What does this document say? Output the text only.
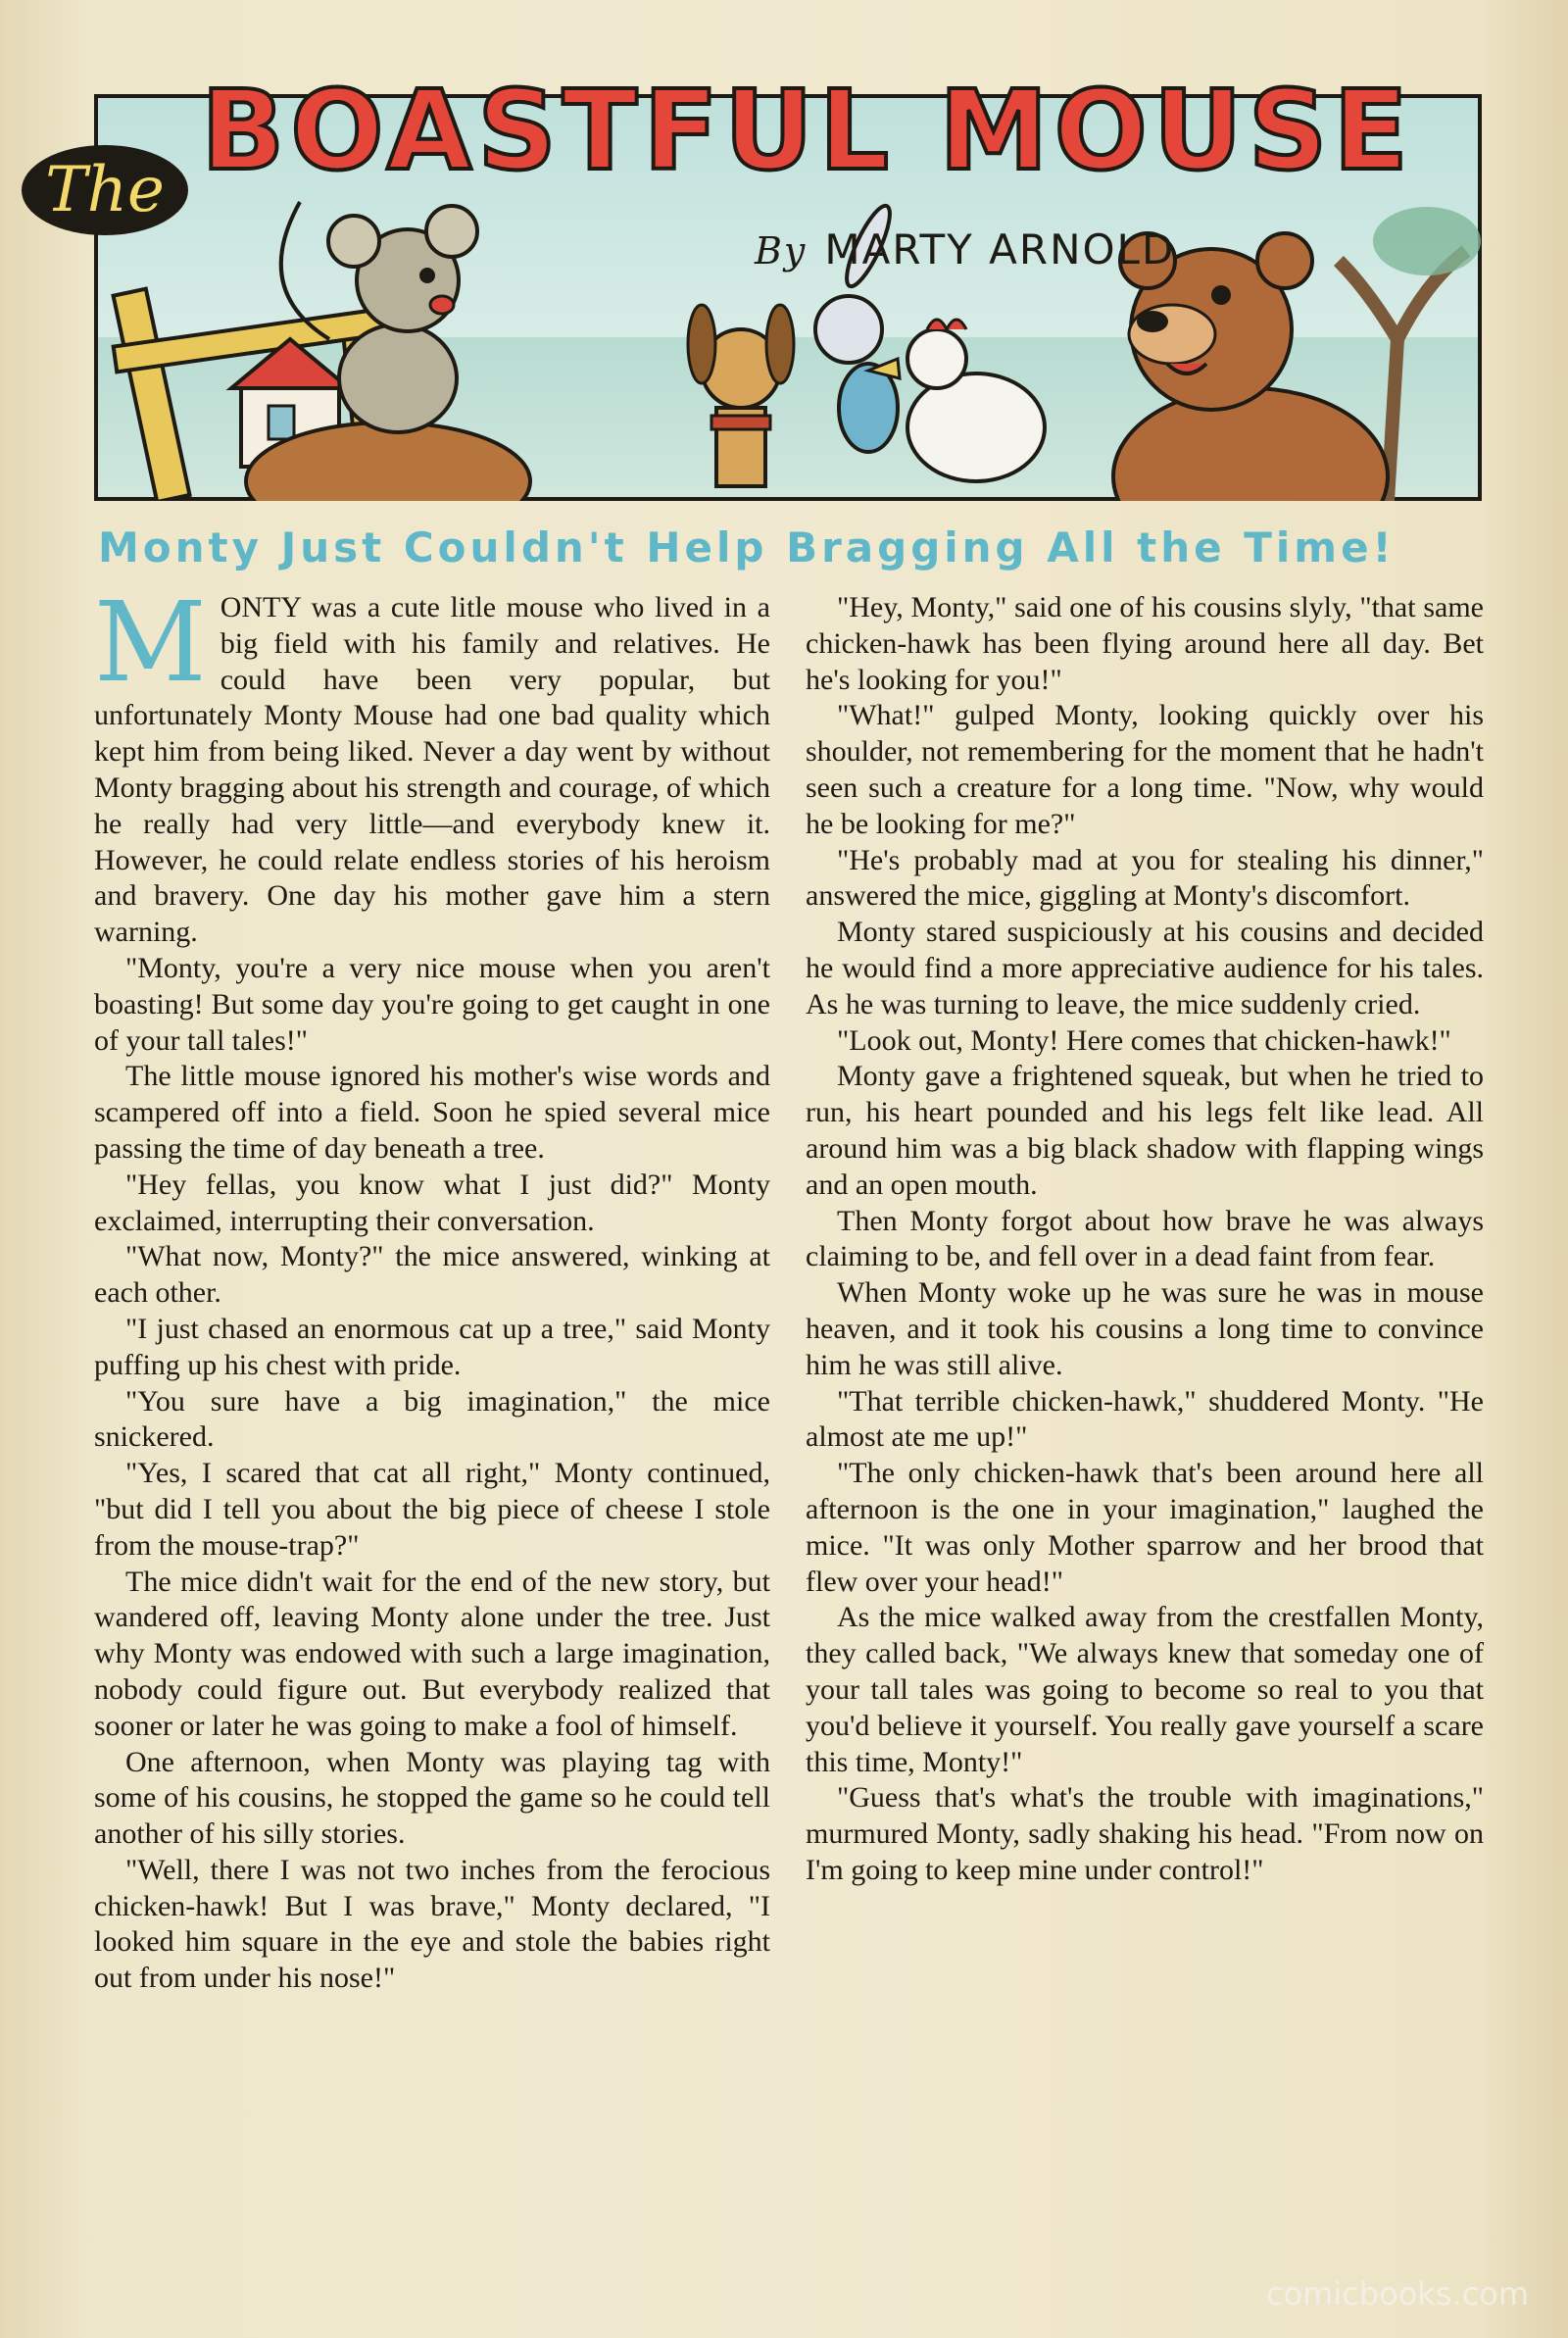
The BOASTFUL MOUSE
By MARTY ARNOLD
Monty Just Couldn't Help Bragging All the Time!

MONTY was a cute litle mouse who lived in a big field with his family and relatives. He could have been very popular, but unfortunately Monty Mouse had one bad quality which kept him from being liked. Never a day went by without Monty bragging about his strength and courage, of which he really had very little—and everybody knew it. However, he could relate endless stories of his heroism and bravery. One day his mother gave him a stern warning.

"Monty, you're a very nice mouse when you aren't boasting! But some day you're going to get caught in one of your tall tales!"

The little mouse ignored his mother's wise words and scampered off into a field. Soon he spied several mice passing the time of day beneath a tree.

"Hey fellas, you know what I just did?" Monty exclaimed, interrupting their conversation.

"What now, Monty?" the mice answered, winking at each other.

"I just chased an enormous cat up a tree," said Monty puffing up his chest with pride.

"You sure have a big imagination," the mice snickered.

"Yes, I scared that cat all right," Monty continued, "but did I tell you about the big piece of cheese I stole from the mouse-trap?"

The mice didn't wait for the end of the new story, but wandered off, leaving Monty alone under the tree. Just why Monty was endowed with such a large imagination, nobody could figure out. But everybody realized that sooner or later he was going to make a fool of himself.

One afternoon, when Monty was playing tag with some of his cousins, he stopped the game so he could tell another of his silly stories.

"Well, there I was not two inches from the ferocious chicken-hawk! But I was brave," Monty declared, "I looked him square in the eye and stole the babies right out from under his nose!"

"Hey, Monty," said one of his cousins slyly, "that same chicken-hawk has been flying around here all day. Bet he's looking for you!"

"What!" gulped Monty, looking quickly over his shoulder, not remembering for the moment that he hadn't seen such a creature for a long time. "Now, why would he be looking for me?"

"He's probably mad at you for stealing his dinner," answered the mice, giggling at Monty's discomfort.

Monty stared suspiciously at his cousins and decided he would find a more appreciative audience for his tales. As he was turning to leave, the mice suddenly cried.

"Look out, Monty! Here comes that chicken-hawk!"

Monty gave a frightened squeak, but when he tried to run, his heart pounded and his legs felt like lead. All around him was a big black shadow with flapping wings and an open mouth.

Then Monty forgot about how brave he was always claiming to be, and fell over in a dead faint from fear.

When Monty woke up he was sure he was in mouse heaven, and it took his cousins a long time to convince him he was still alive.

"That terrible chicken-hawk," shuddered Monty. "He almost ate me up!"

"The only chicken-hawk that's been around here all afternoon is the one in your imagination," laughed the mice. "It was only Mother sparrow and her brood that flew over your head!"

As the mice walked away from the crestfallen Monty, they called back, "We always knew that someday one of your tall tales was going to become so real to you that you'd believe it yourself. You really gave yourself a scare this time, Monty!"

"Guess that's what's the trouble with imaginations," murmured Monty, sadly shaking his head. "From now on I'm going to keep mine under control!"

comicbooks.com
